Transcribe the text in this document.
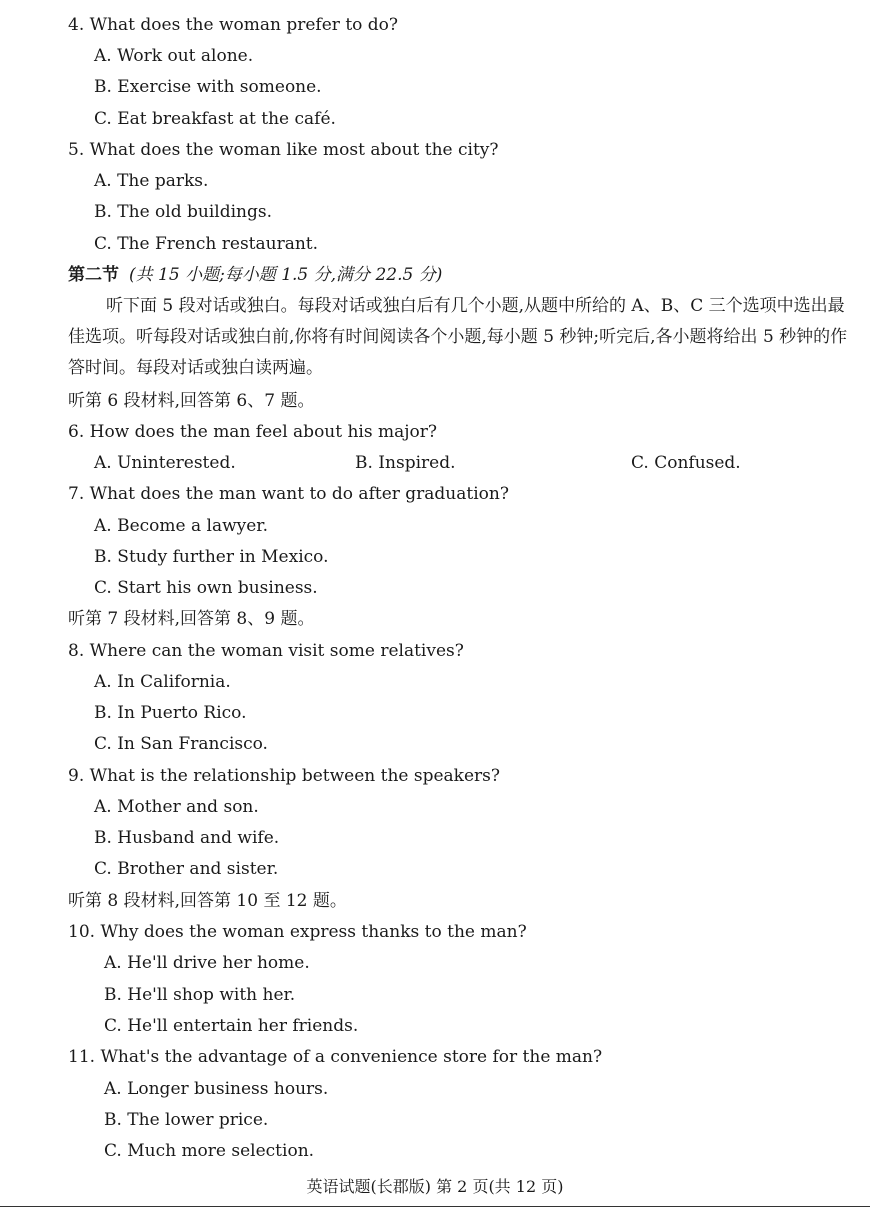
4. What does the woman prefer to do?
A. Work out alone.
B. Exercise with someone.
C. Eat breakfast at the café.
5. What does the woman like most about the city?
A. The parks.
B. The old buildings.
C. The French restaurant.
第二节 (共 15 小题;每小题 1.5 分,满分 22.5 分)
听下面 5 段对话或独白。每段对话或独白后有几个小题,从题中所给的 A、B、C 三个选项中选出最佳选项。听每段对话或独白前,你将有时间阅读各个小题,每小题 5 秒钟;听完后,各小题将给出 5 秒钟的作答时间。每段对话或独白读两遍。
听第 6 段材料,回答第 6、7 题。
6. How does the man feel about his major?
A. Uninterested.	B. Inspired.	C. Confused.
7. What does the man want to do after graduation?
A. Become a lawyer.
B. Study further in Mexico.
C. Start his own business.
听第 7 段材料,回答第 8、9 题。
8. Where can the woman visit some relatives?
A. In California.
B. In Puerto Rico.
C. In San Francisco.
9. What is the relationship between the speakers?
A. Mother and son.
B. Husband and wife.
C. Brother and sister.
听第 8 段材料,回答第 10 至 12 题。
10. Why does the woman express thanks to the man?
A. He'll drive her home.
B. He'll shop with her.
C. He'll entertain her friends.
11. What's the advantage of a convenience store for the man?
A. Longer business hours.
B. The lower price.
C. Much more selection.
英语试题(长郡版) 第 2 页(共 12 页)
